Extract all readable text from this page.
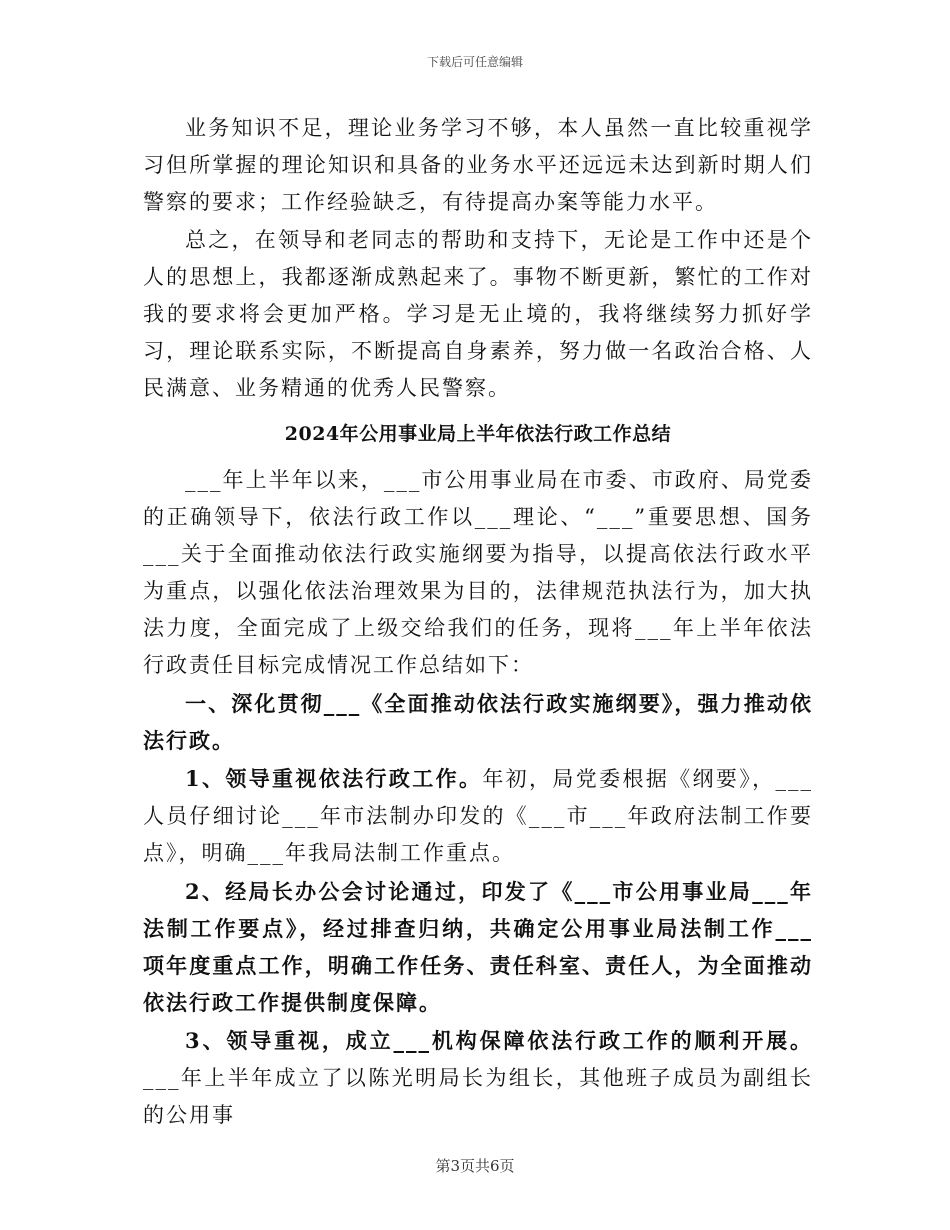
下载后可任意编辑

业务知识不足，理论业务学习不够，本人虽然一直比较重视学习但所掌握的理论知识和具备的业务水平还远远未达到新时期人们警察的要求；工作经验缺乏，有待提高办案等能力水平。

总之，在领导和老同志的帮助和支持下，无论是工作中还是个人的思想上，我都逐渐成熟起来了。事物不断更新，繁忙的工作对我的要求将会更加严格。学习是无止境的，我将继续努力抓好学习，理论联系实际，不断提高自身素养，努力做一名政治合格、人民满意、业务精通的优秀人民警察。

2024年公用事业局上半年依法行政工作总结

___年上半年以来，___市公用事业局在市委、市政府、局党委的正确领导下，依法行政工作以___理论、“___”重要思想、国务___关于全面推动依法行政实施纲要为指导，以提高依法行政水平为重点，以强化依法治理效果为目的，法律规范执法行为，加大执法力度，全面完成了上级交给我们的任务，现将___年上半年依法行政责任目标完成情况工作总结如下：

一、深化贯彻___《全面推动依法行政实施纲要》，强力推动依法行政。

1、领导重视依法行政工作。年初，局党委根据《纲要》，___人员仔细讨论___年市法制办印发的《___市___年政府法制工作要点》，明确___年我局法制工作重点。

2、经局长办公会讨论通过，印发了《___市公用事业局___年法制工作要点》，经过排查归纳，共确定公用事业局法制工作___项年度重点工作，明确工作任务、责任科室、责任人，为全面推动依法行政工作提供制度保障。

3、领导重视，成立___机构保障依法行政工作的顺利开展。___年上半年成立了以陈光明局长为组长，其他班子成员为副组长的公用事

第3页共6页
